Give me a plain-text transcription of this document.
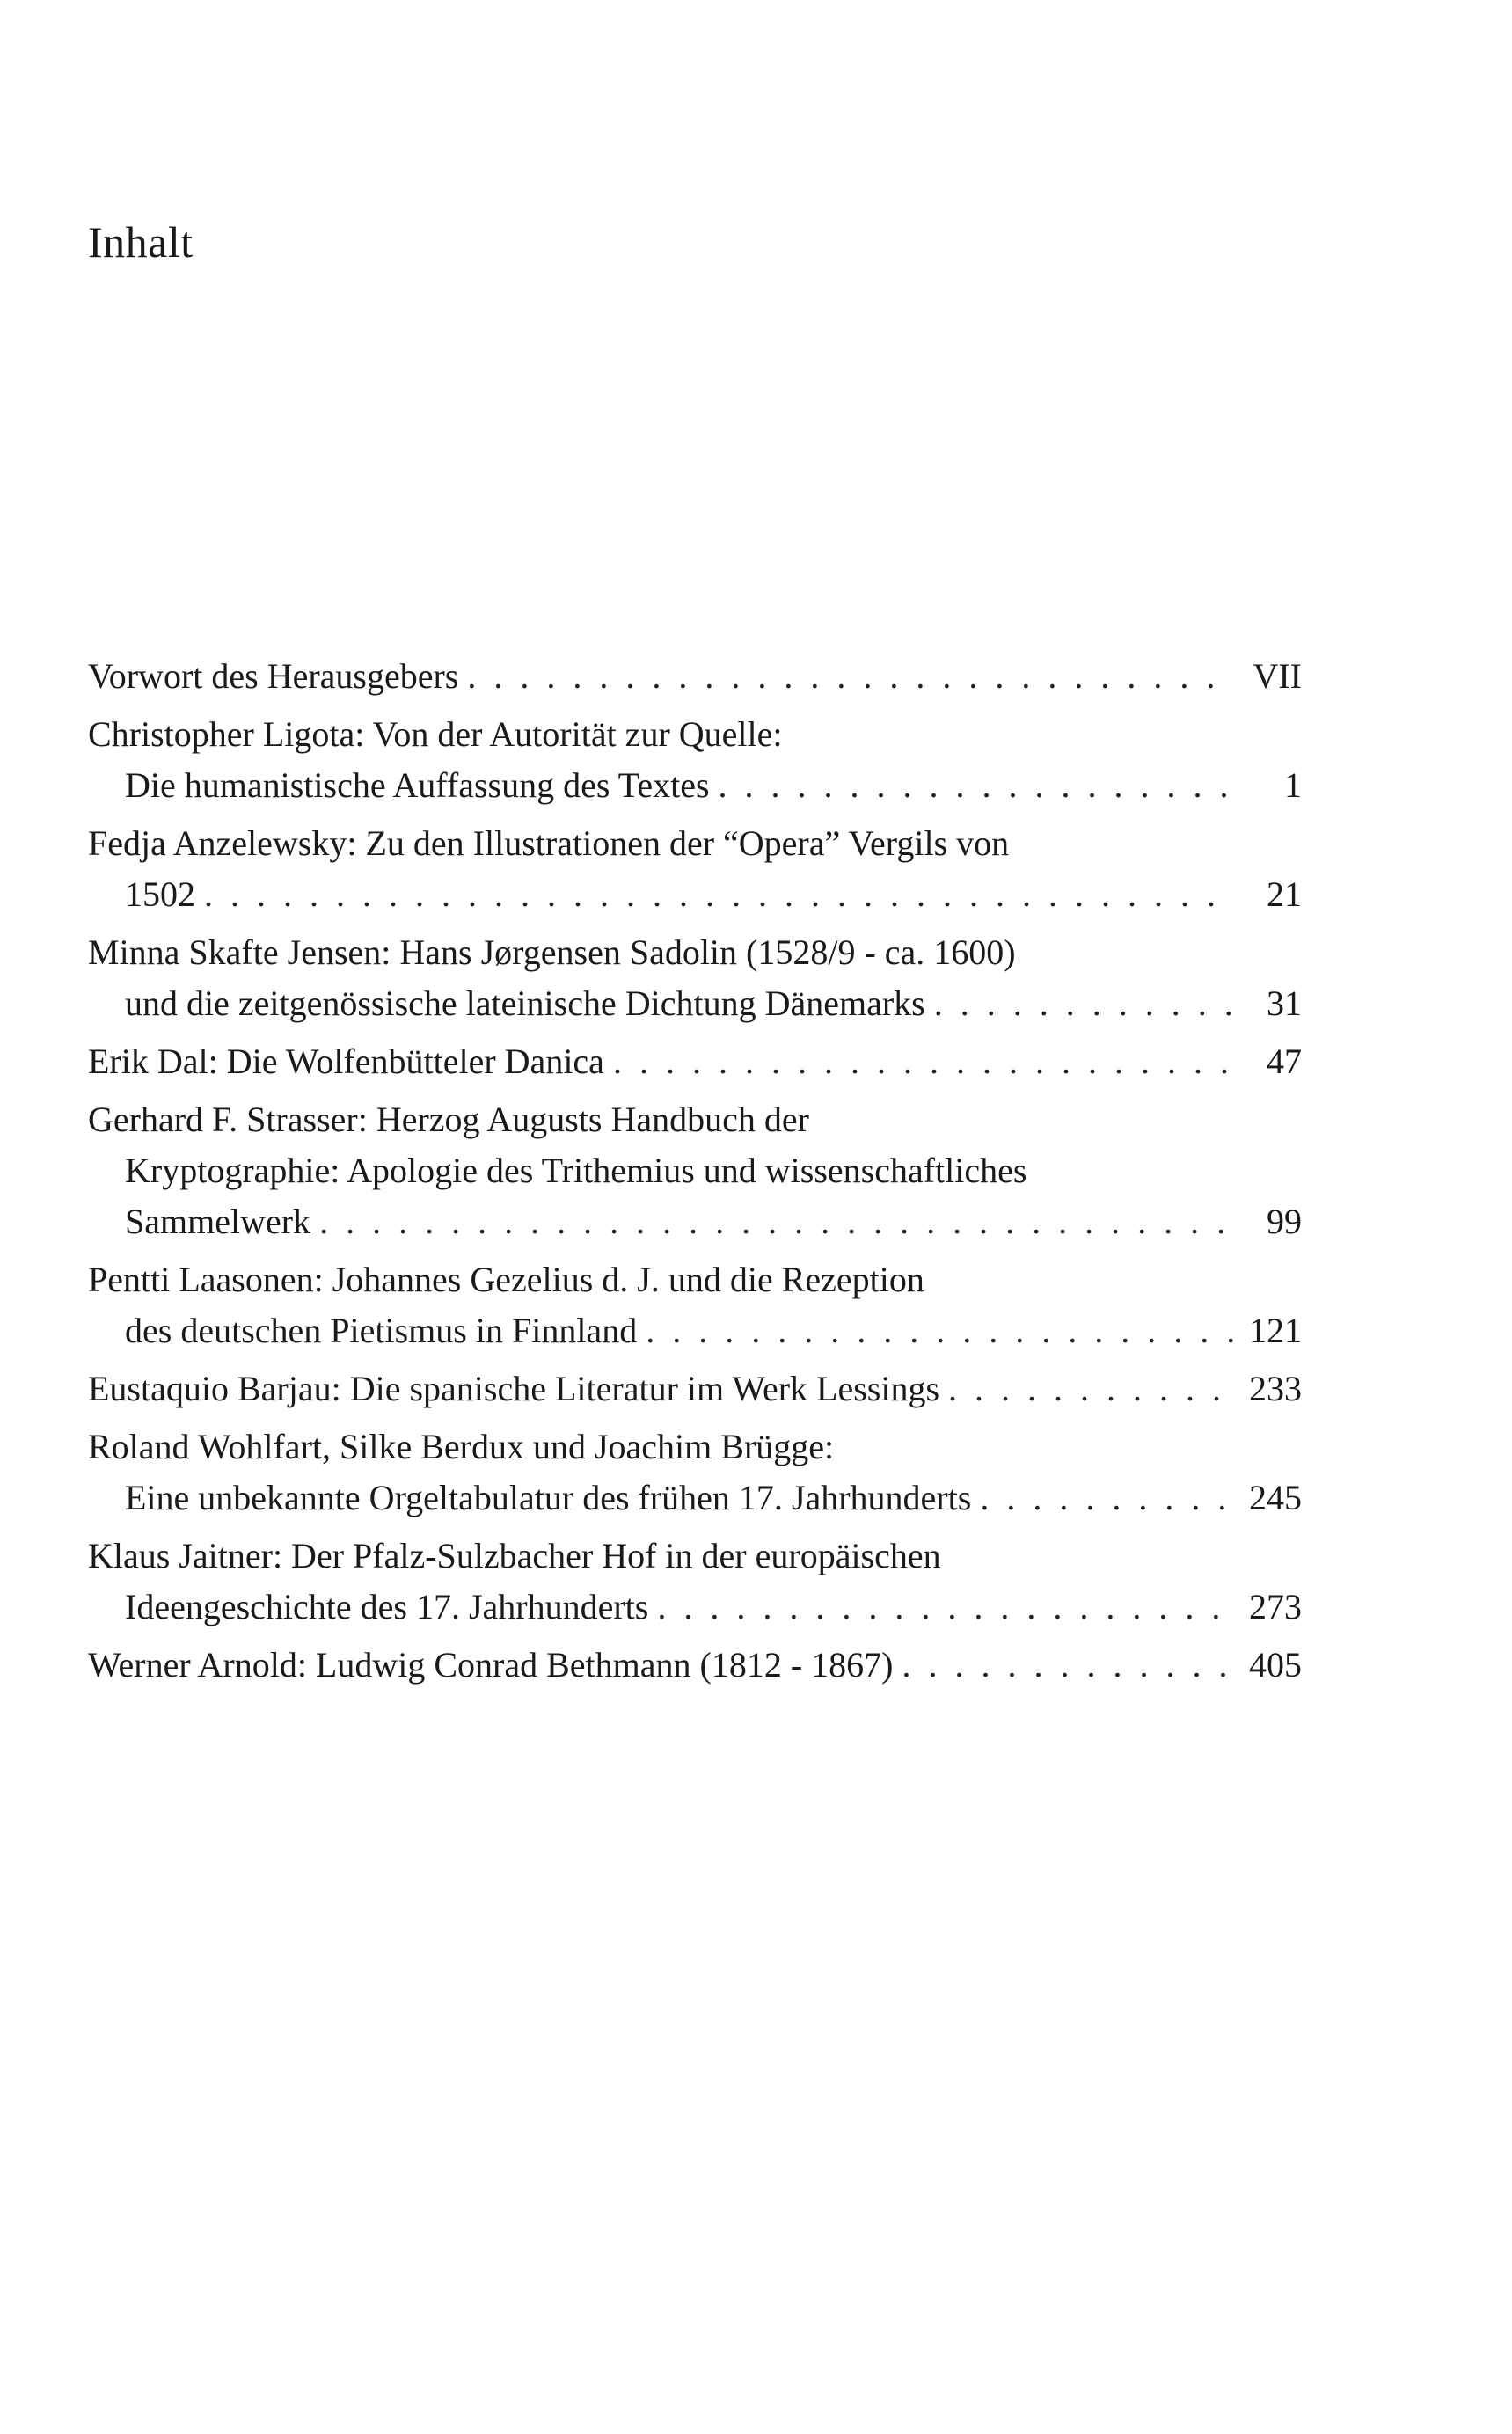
Inhalt
Vorwort des Herausgebers . . .	VII
Christopher Ligota: Von der Autorität zur Quelle:
Die humanistische Auffassung des Textes . . .	1
Fedja Anzelewsky: Zu den Illustrationen der “Opera” Vergils von
1502 . . .	21
Minna Skafte Jensen: Hans Jørgensen Sadolin (1528/9 - ca. 1600)
und die zeitgenössische lateinische Dichtung Dänemarks . . .	31
Erik Dal: Die Wolfenbütteler Danica . . .	47
Gerhard F. Strasser: Herzog Augusts Handbuch der
Kryptographie: Apologie des Trithemius und wissenschaftliches
Sammelwerk . . .	99
Pentti Laasonen: Johannes Gezelius d. J. und die Rezeption
des deutschen Pietismus in Finnland . . .	121
Eustaquio Barjau: Die spanische Literatur im Werk Lessings . . .	233
Roland Wohlfart, Silke Berdux und Joachim Brügge:
Eine unbekannte Orgeltabulatur des frühen 17. Jahrhunderts . . .	245
Klaus Jaitner: Der Pfalz-Sulzbacher Hof in der europäischen
Ideengeschichte des 17. Jahrhunderts . . .	273
Werner Arnold: Ludwig Conrad Bethmann (1812 - 1867) . . .	405
